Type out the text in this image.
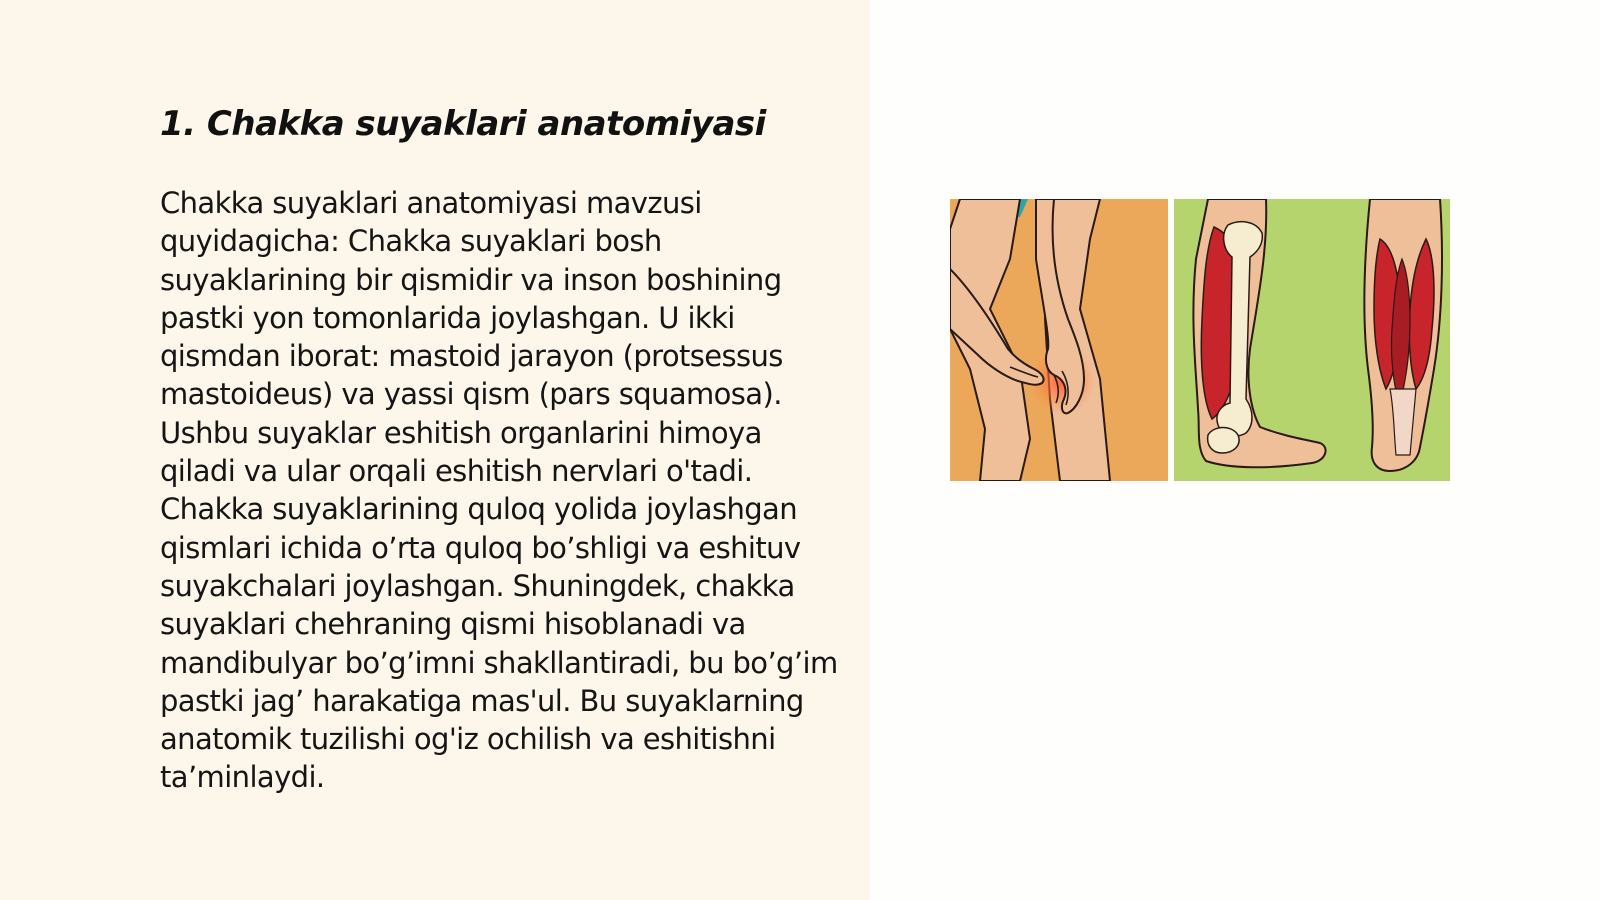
1. Chakka suyaklari anatomiyasi

Chakka suyaklari anatomiyasi mavzusi quyidagicha: Chakka suyaklari bosh suyaklarining bir qismidir va inson boshining pastki yon tomonlarida joylashgan. U ikki qismdan iborat: mastoid jarayon (protsessus mastoideus) va yassi qism (pars squamosa). Ushbu suyaklar eshitish organlarini himoya qiladi va ular orqali eshitish nervlari o'tadi. Chakka suyaklarining quloq yolida joylashgan qismlari ichida o’rta quloq bo’shligi va eshituv suyakchalari joylashgan. Shuningdek, chakka suyaklari chehraning qismi hisoblanadi va mandibulyar bo’g’imni shakllantiradi, bu bo’g’im pastki jag’ harakatiga mas'ul. Bu suyaklarning anatomik tuzilishi og'iz ochilish va eshitishni ta’minlaydi.
